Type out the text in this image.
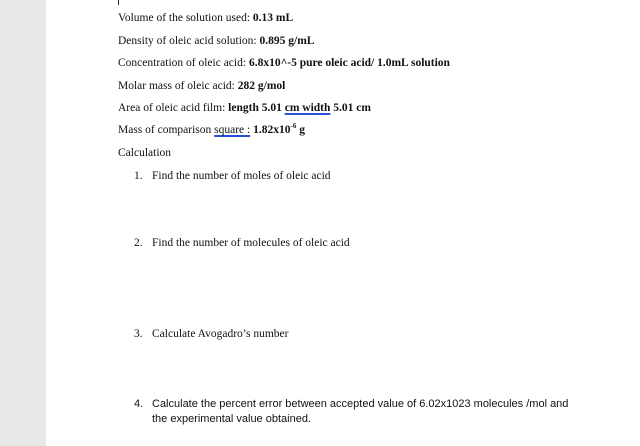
Volume of the solution used: 0.13 mL
Density of oleic acid solution: 0.895 g/mL
Concentration of oleic acid: 6.8x10^-5 pure oleic acid/ 1.0mL solution
Molar mass of oleic acid: 282 g/mol
Area of oleic acid film: length 5.01 cm width 5.01 cm
Mass of comparison square : $1.82x10^{-6}$ g
Calculation
1. Find the number of moles of oleic acid
2. Find the number of molecules of oleic acid
3. Calculate Avogadro’s number
4. Calculate the percent error between accepted value of 6.02x1023 molecules /mol and
the experimental value obtained.
